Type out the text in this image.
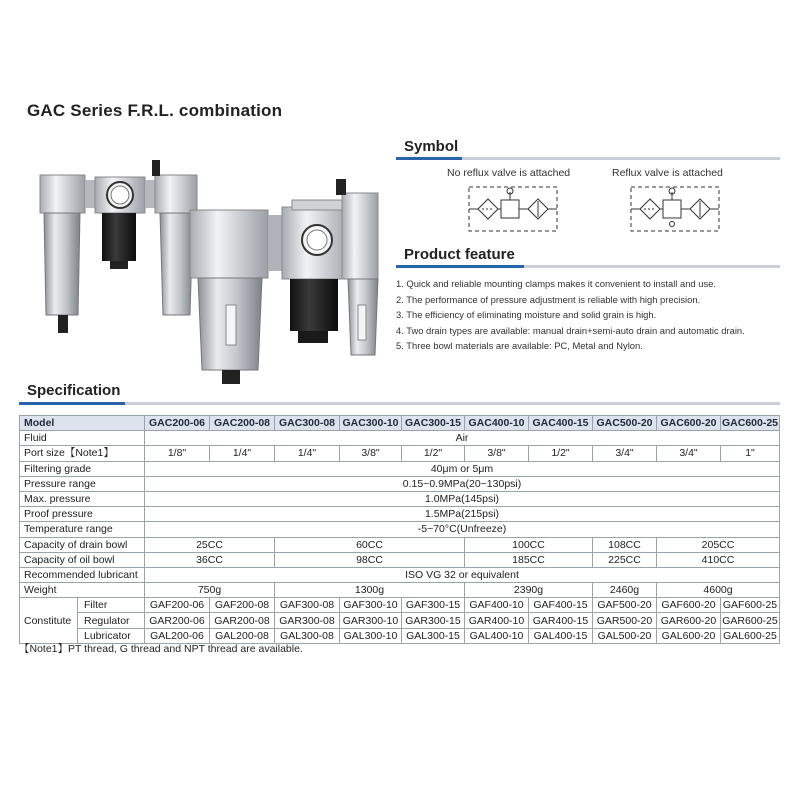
GAC Series F.R.L. combination
Symbol
No reflux valve is attached	Reflux valve is attached
Product feature
1. Quick and reliable mounting clamps makes it convenient to install and use.
2. The performance of pressure adjustment is reliable with high precision.
3. The efficiency of eliminating moisture and solid grain is high.
4. Two drain types are available: manual drain+semi-auto drain and automatic drain.
5. Three bowl materials are available: PC, Metal and Nylon.
Specification
Model		GAC200-06	GAC200-08	GAC300-08	GAC300-10	GAC300-15	GAC400-10	GAC400-15	GAC500-20	GAC600-20	GAC600-25
Fluid		Air									
Port size【Note1】		1/8"	1/4"	1/4"	3/8"	1/2"	3/8"	1/2"	3/4"	3/4"	1"
Filtering grade		40μm or 5μm									
Pressure range		0.15~0.9MPa(20~130psi)									
Max. pressure		1.0MPa(145psi)									
Proof pressure		1.5MPa(215psi)									
Temperature range		-5~70°C(Unfreeze)									
Capacity of drain bowl		25CC		60CC			100CC		108CC	205CC	
Capacity of oil bowl		36CC		98CC			185CC		225CC	410CC	
Recommended lubricant		ISO VG 32 or equivalent									
Weight		750g		1300g			2390g		2460g	4600g	
Constitute	Filter	GAF200-06	GAF200-08	GAF300-08	GAF300-10	GAF300-15	GAF400-10	GAF400-15	GAF500-20	GAF600-20	GAF600-25
	Regulator	GAR200-06	GAR200-08	GAR300-08	GAR300-10	GAR300-15	GAR400-10	GAR400-15	GAR500-20	GAR600-20	GAR600-25
	Lubricator	GAL200-06	GAL200-08	GAL300-08	GAL300-10	GAL300-15	GAL400-10	GAL400-15	GAL500-20	GAL600-20	GAL600-25
【Note1】PT thread, G thread and NPT thread are available.
